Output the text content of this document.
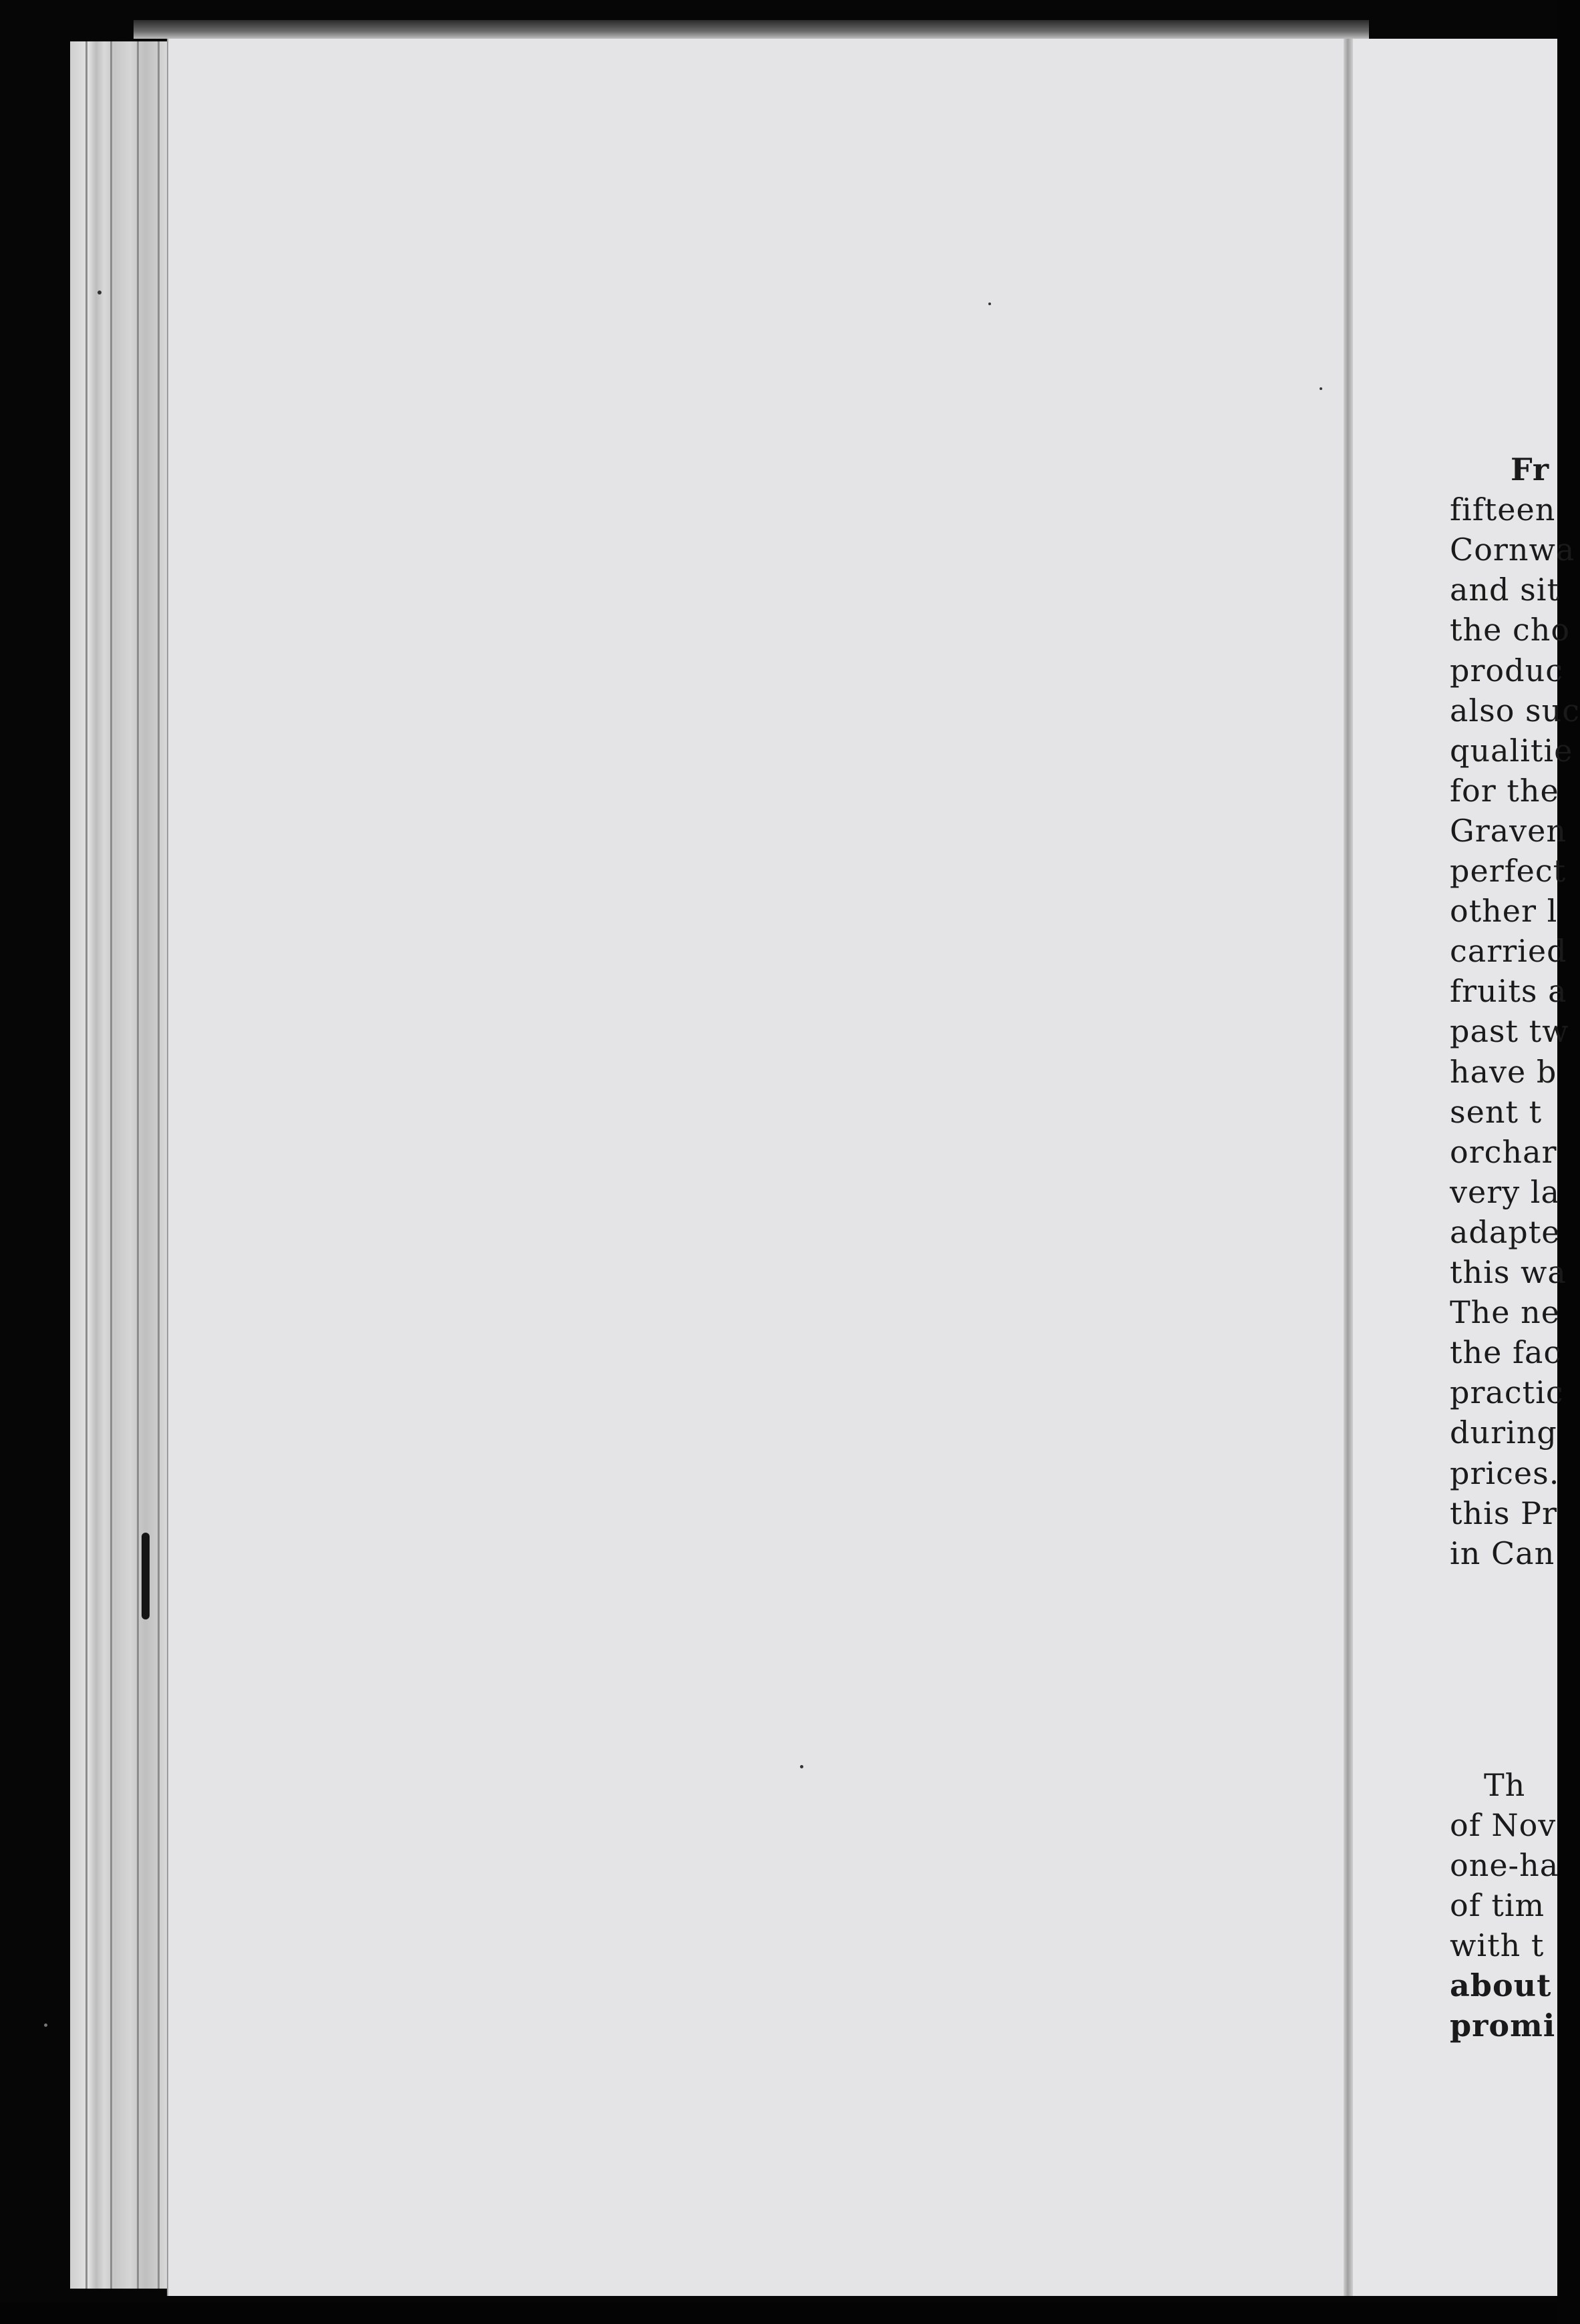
Fr
fifteen
Cornwa
and sit
the cho
produc
also suc
qualitie
for the
Graven
perfect
other l
carried
fruits a
past tw
have b
sent t
orchar
very la
adapte
this wa
The ne
the fac
practic
during
prices.
this Pr
in Can
Th
of Nov
one-ha
of tim
with t
about
promi
